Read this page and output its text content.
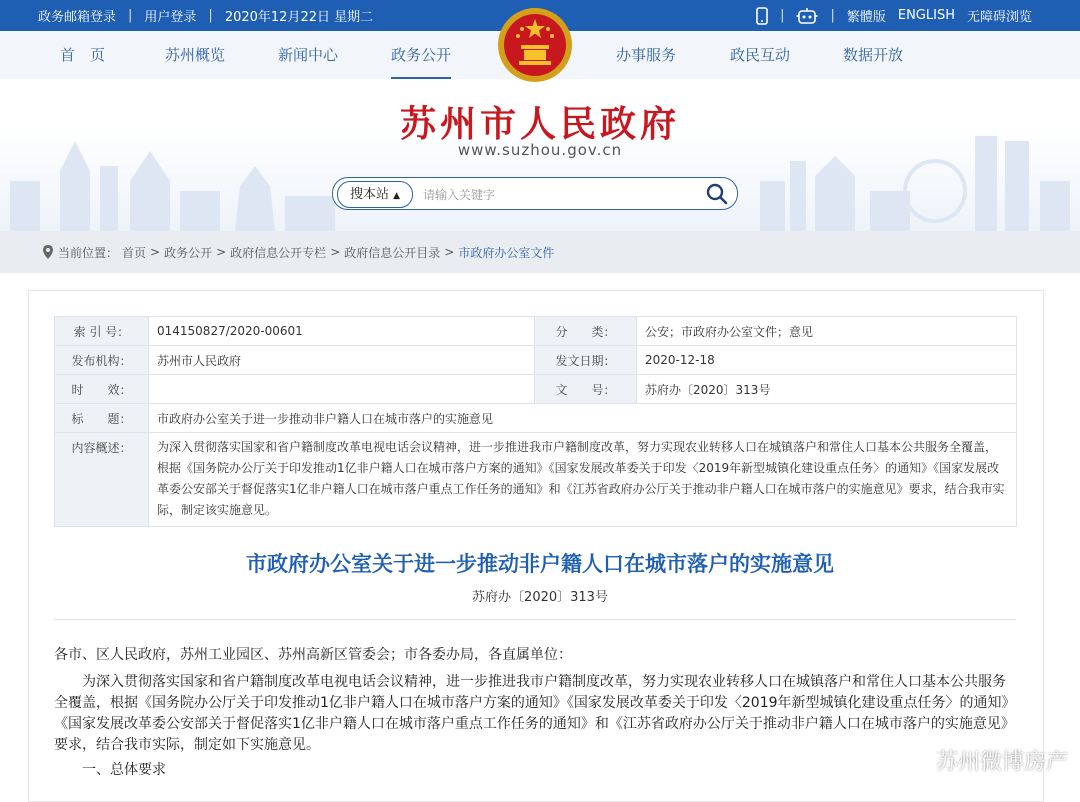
政务邮箱登录 | 用户登录 | 2020年12月22日 星期二	|	| 繁體版 ENGLISH 无障碍浏览
首　页	苏州概览	新闻中心	政务公开	办事服务	政民互动	数据开放
苏州市人民政府
www.suzhou.gov.cn
搜本站 ▲
请输入关键字
当前位置： 首页 > 政务公开 > 政府信息公开专栏 > 政府信息公开目录 > 市政府办公室文件
索 引 号：	014150827/2020-00601	分　　类：	公安；市政府办公室文件；意见
发布机构：	苏州市人民政府	发文日期：	2020-12-18
时　　效：		文　　号：	苏府办〔2020〕313号
标　　题：	市政府办公室关于进一步推动非户籍人口在城市落户的实施意见		
内容概述：	为深入贯彻落实国家和省户籍制度改革电视电话会议精神，进一步推进我市户籍制度改革，努力实现农业转移人口在城镇落户和常住人口基本公共服务全覆盖，根据《国务院办公厅关于印发推动1亿非户籍人口在城市落户方案的通知》《国家发展改革委关于印发〈2019年新型城镇化建设重点任务〉的通知》《国家发展改革委公安部关于督促落实1亿非户籍人口在城市落户重点工作任务的通知》和《江苏省政府办公厅关于推动非户籍人口在城市落户的实施意见》要求，结合我市实际，制定该实施意见。		
市政府办公室关于进一步推动非户籍人口在城市落户的实施意见
苏府办〔2020〕313号

各市、区人民政府，苏州工业园区、苏州高新区管委会；市各委办局，各直属单位：

为深入贯彻落实国家和省户籍制度改革电视电话会议精神，进一步推进我市户籍制度改革，努力实现农业转移人口在城镇落户和常住人口基本公共服务全覆盖，根据《国务院办公厅关于印发推动1亿非户籍人口在城市落户方案的通知》《国家发展改革委关于印发〈2019年新型城镇化建设重点任务〉的通知》《国家发展改革委公安部关于督促落实1亿非户籍人口在城市落户重点工作任务的通知》和《江苏省政府办公厅关于推动非户籍人口在城市落户的实施意见》要求，结合我市实际，制定如下实施意见。

一、总体要求	苏州微博房产
